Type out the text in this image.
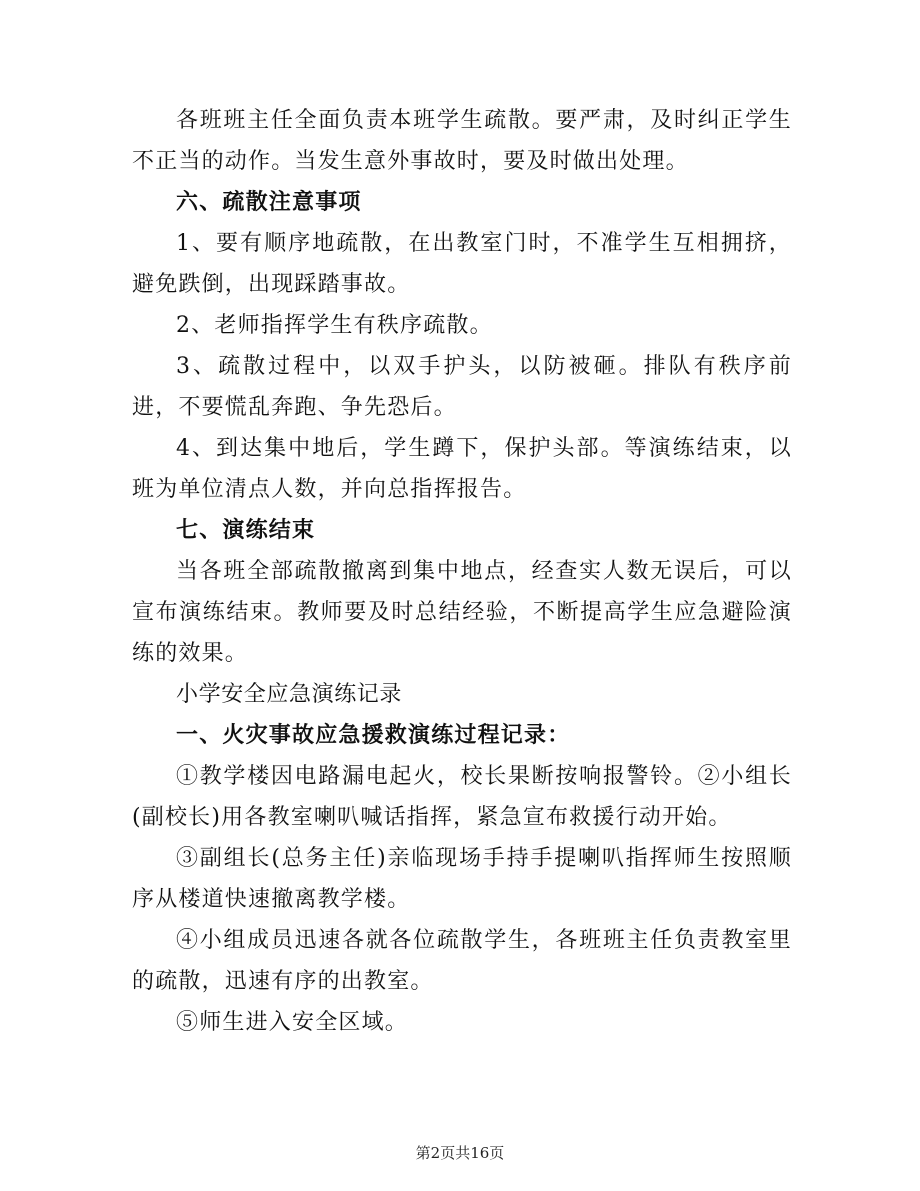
各班班主任全面负责本班学生疏散。要严肃，及时纠正学生不正当的动作。当发生意外事故时，要及时做出处理。

六、疏散注意事项

1、要有顺序地疏散，在出教室门时，不准学生互相拥挤，避免跌倒，出现踩踏事故。

2、老师指挥学生有秩序疏散。

3、疏散过程中，以双手护头，以防被砸。排队有秩序前进，不要慌乱奔跑、争先恐后。

4、到达集中地后，学生蹲下，保护头部。等演练结束，以班为单位清点人数，并向总指挥报告。

七、演练结束

当各班全部疏散撤离到集中地点，经查实人数无误后，可以宣布演练结束。教师要及时总结经验，不断提高学生应急避险演练的效果。

小学安全应急演练记录

一、火灾事故应急援救演练过程记录：

①教学楼因电路漏电起火，校长果断按响报警铃。②小组长(副校长)用各教室喇叭喊话指挥，紧急宣布救援行动开始。

③副组长(总务主任)亲临现场手持手提喇叭指挥师生按照顺序从楼道快速撤离教学楼。

④小组成员迅速各就各位疏散学生，各班班主任负责教室里的疏散，迅速有序的出教室。

⑤师生进入安全区域。

第2页共16页
